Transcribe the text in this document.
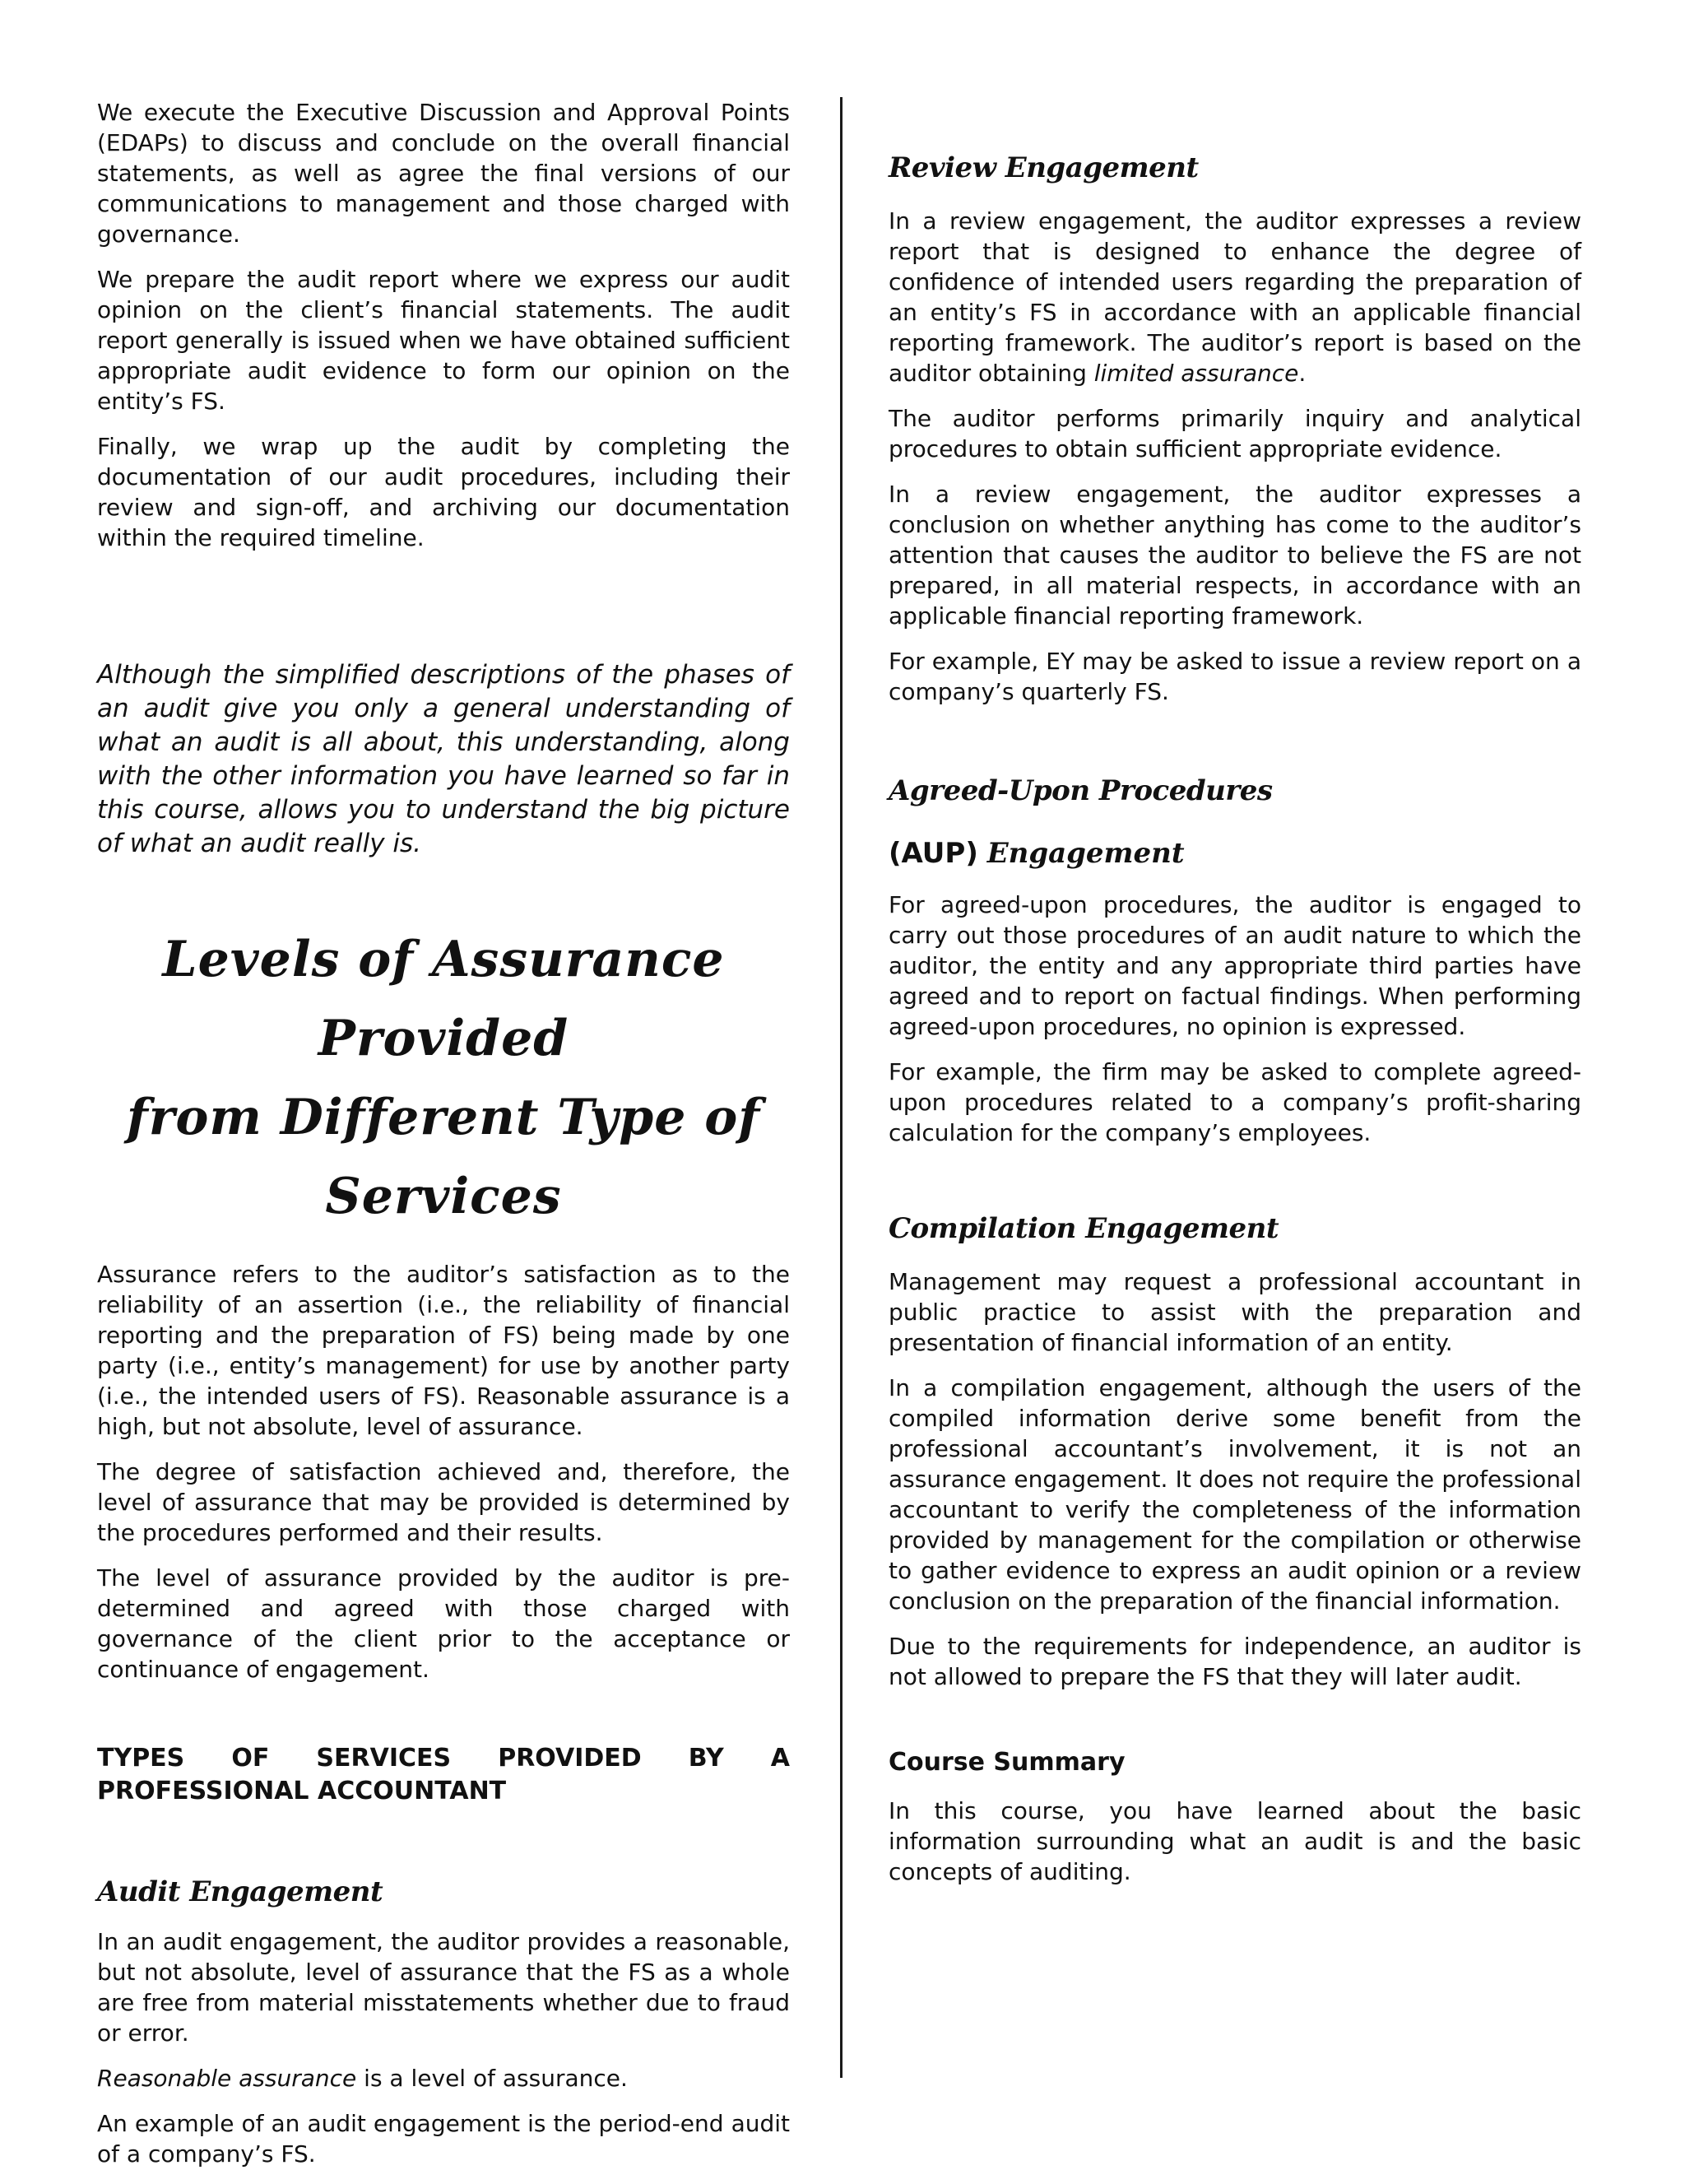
We execute the Executive Discussion and Approval Points (EDAPs) to discuss and conclude on the overall financial statements, as well as agree the final versions of our communications to management and those charged with governance.

We prepare the audit report where we express our audit opinion on the client’s financial statements. The audit report generally is issued when we have obtained sufficient appropriate audit evidence to form our opinion on the entity’s FS.

Finally, we wrap up the audit by completing the documentation of our audit procedures, including their review and sign-off, and archiving our documentation within the required timeline.

Although the simplified descriptions of the phases of an audit give you only a general understanding of what an audit is all about, this understanding, along with the other information you have learned so far in this course, allows you to understand the big picture of what an audit really is.

Levels of Assurance Provided

from Different Type of Services

Assurance refers to the auditor’s satisfaction as to the reliability of an assertion (i.e., the reliability of financial reporting and the preparation of FS) being made by one party (i.e., entity’s management) for use by another party (i.e., the intended users of FS). Reasonable assurance is a high, but not absolute, level of assurance.

The degree of satisfaction achieved and, therefore, the level of assurance that may be provided is determined by the procedures performed and their results.

The level of assurance provided by the auditor is pre-determined and agreed with those charged with governance of the client prior to the acceptance or continuance of engagement.

TYPES OF SERVICES PROVIDED BY A PROFESSIONAL ACCOUNTANT

Audit Engagement

In an audit engagement, the auditor provides a reasonable, but not absolute, level of assurance that the FS as a whole are free from material misstatements whether due to fraud or error.

Reasonable assurance is a level of assurance.

An example of an audit engagement is the period-end audit of a company’s FS.

Review Engagement

In a review engagement, the auditor expresses a review report that is designed to enhance the degree of confidence of intended users regarding the preparation of an entity’s FS in accordance with an applicable financial reporting framework. The auditor’s report is based on the auditor obtaining limited assurance.

The auditor performs primarily inquiry and analytical procedures to obtain sufficient appropriate evidence.

In a review engagement, the auditor expresses a conclusion on whether anything has come to the auditor’s attention that causes the auditor to believe the FS are not prepared, in all material respects, in accordance with an applicable financial reporting framework.

For example, EY may be asked to issue a review report on a company’s quarterly FS.

Agreed-Upon Procedures

(AUP) Engagement

For agreed-upon procedures, the auditor is engaged to carry out those procedures of an audit nature to which the auditor, the entity and any appropriate third parties have agreed and to report on factual findings. When performing agreed-upon procedures, no opinion is expressed.

For example, the firm may be asked to complete agreed-upon procedures related to a company’s profit-sharing calculation for the company’s employees.

Compilation Engagement

Management may request a professional accountant in public practice to assist with the preparation and presentation of financial information of an entity.

In a compilation engagement, although the users of the compiled information derive some benefit from the professional accountant’s involvement, it is not an assurance engagement. It does not require the professional accountant to verify the completeness of the information provided by management for the compilation or otherwise to gather evidence to express an audit opinion or a review conclusion on the preparation of the financial information.

Due to the requirements for independence, an auditor is not allowed to prepare the FS that they will later audit.

Course Summary

In this course, you have learned about the basic information surrounding what an audit is and the basic concepts of auditing.
